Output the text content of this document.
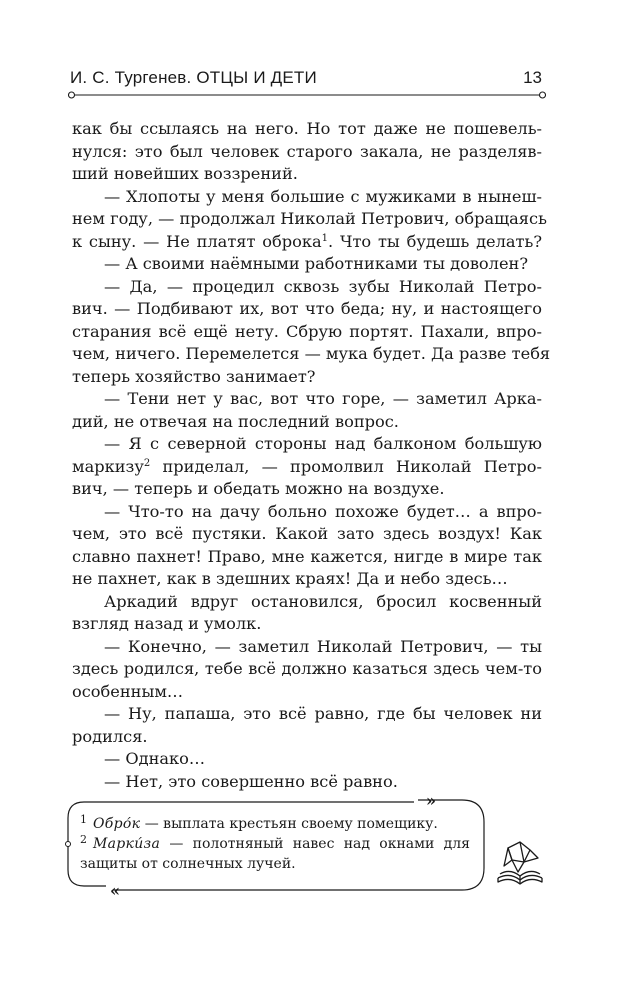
И. С. Тургенев. ОТЦЫ И ДЕТИ	13
как бы ссылаясь на него. Но тот даже не пошевель-
нулся: это был человек старого закала, не разделяв-
ший новейших воззрений.
— Хлопоты у меня большие с мужиками в нынеш-
нем году, — продолжал Николай Петрович, обращаясь
к сыну. — Не платят оброка$^1$. Что ты будешь делать?
— А своими наёмными работниками ты доволен?
— Да, — процедил сквозь зубы Николай Петро-
вич. — Подбивают их, вот что беда; ну, и настоящего
старания всё ещё нету. Сбрую портят. Пахали, впро-
чем, ничего. Перемелется — мука будет. Да разве тебя
теперь хозяйство занимает?
— Тени нет у вас, вот что горе, — заметил Арка-
дий, не отвечая на последний вопрос.
— Я с северной стороны над балконом большую
маркизу$^2$ приделал, — промолвил Николай Петро-
вич, — теперь и обедать можно на воздухе.
— Что-то на дачу больно похоже будет… а впро-
чем, это всё пустяки. Какой зато здесь воздух! Как
славно пахнет! Право, мне кажется, нигде в мире так
не пахнет, как в здешних краях! Да и небо здесь…
Аркадий вдруг остановился, бросил косвенный
взгляд назад и умолк.
— Конечно, — заметил Николай Петрович, — ты
здесь родился, тебе всё должно казаться здесь чем-то
особенным…
— Ну, папаша, это всё равно, где бы человек ни
родился.
— Однако…
— Нет, это совершенно всё равно.
»
«
$^1$ Обро́к — выплата крестьян своему помещику.
$^2$ Марки́за — полотняный навес над окнами для
защиты от солнечных лучей.
